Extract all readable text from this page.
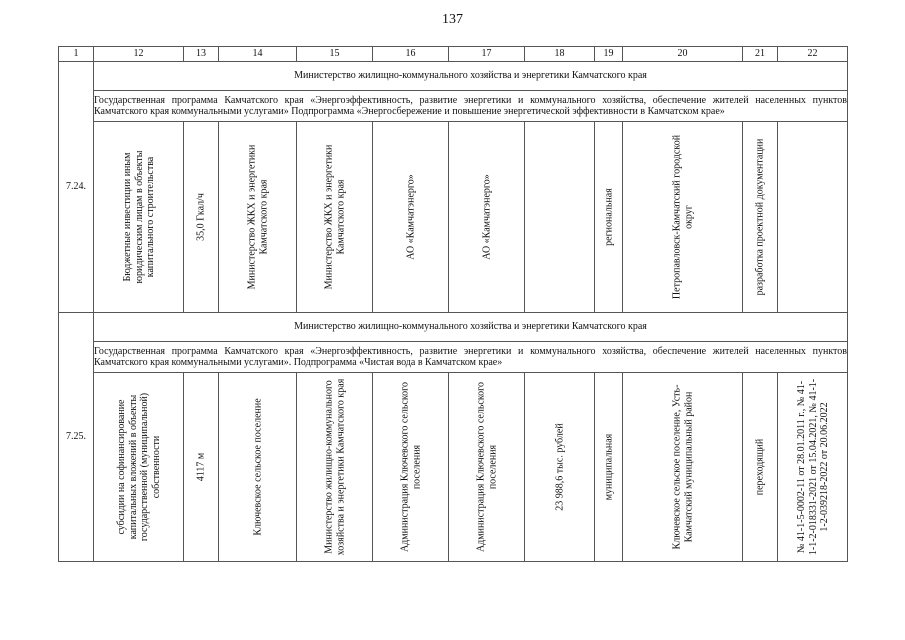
137
1	12	13	14	15	16	17	18	19	20	21	22
7.24.	Министерство жилищно-коммунального хозяйства и энергетики Камчатского края										
	Государственная программа Камчатского края «Энергоэффективность, развитие энергетики и коммунального хозяйства, обеспечение жителей населенных пунктов Камчатского края коммунальными услугами» Подпрограмма «Энергосбережение и повышение энергетической эффективности в Камчатском крае»										

	Бюджетные инвестиции иным юридическим лицам в объекты капитального строительства	35,0 Гкал/ч	Министерство ЖКХ и энергетики Камчатского края	Министерство ЖКХ и энергетики Камчатского края	АО «Камчатэнерго»	АО «Камчатэнерго»		региональная	Петропавловск-Камчатский городской округ	разработка проектной документации	

7.25.	Министерство жилищно-коммунального хозяйства и энергетики Камчатского края										
	Государственная программа Камчатского края «Энергоэффективность, развитие энергетики и коммунального хозяйства, обеспечение жителей населенных пунктов Камчатского края коммунальными услугами». Подпрограмма «Чистая вода в Камчатском крае»										

	субсидии на софинансирование капитальных вложений в объекты государственной (муниципальной) собственности	4117 м	Ключевское сельское поселение	Министерство жилищно-коммунального хозяйства и энергетики Камчатского края	Администрация Ключевского сельского поселения	Администрация Ключевского сельского поселения	23 988,6 тыс. рублей	муниципальная	Ключевское сельское поселение, Усть-Камчатский муниципальный район	переходящий	№ 41-1-5-0002-11 от 28.01.2011 г., № 41-1-1-2-018331-2021 от 15.04.2021, № 41-1-1-2-039218-2022 от 20.06.2022
